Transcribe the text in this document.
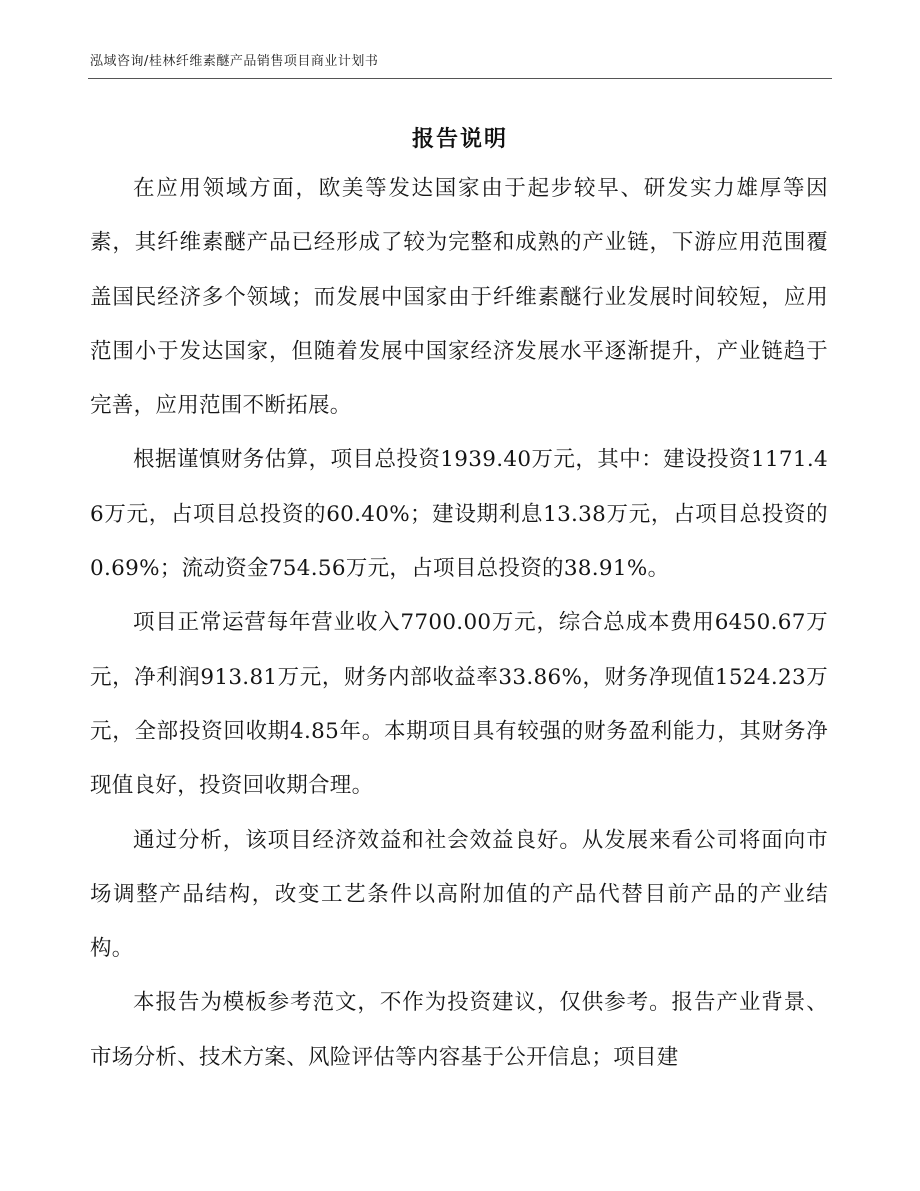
泓域咨询/桂林纤维素醚产品销售项目商业计划书
报告说明

在应用领域方面，欧美等发达国家由于起步较早、研发实力雄厚等因素，其纤维素醚产品已经形成了较为完整和成熟的产业链，下游应用范围覆盖国民经济多个领域；而发展中国家由于纤维素醚行业发展时间较短，应用范围小于发达国家，但随着发展中国家经济发展水平逐渐提升，产业链趋于完善，应用范围不断拓展。

根据谨慎财务估算，项目总投资1939.40万元，其中：建设投资1171.46万元，占项目总投资的60.40%；建设期利息13.38万元，占项目总投资的0.69%；流动资金754.56万元，占项目总投资的38.91%。

项目正常运营每年营业收入7700.00万元，综合总成本费用6450.67万元，净利润913.81万元，财务内部收益率33.86%，财务净现值1524.23万元，全部投资回收期4.85年。本期项目具有较强的财务盈利能力，其财务净现值良好，投资回收期合理。

通过分析，该项目经济效益和社会效益良好。从发展来看公司将面向市场调整产品结构，改变工艺条件以高附加值的产品代替目前产品的产业结构。

本报告为模板参考范文，不作为投资建议，仅供参考。报告产业背景、市场分析、技术方案、风险评估等内容基于公开信息；项目建
